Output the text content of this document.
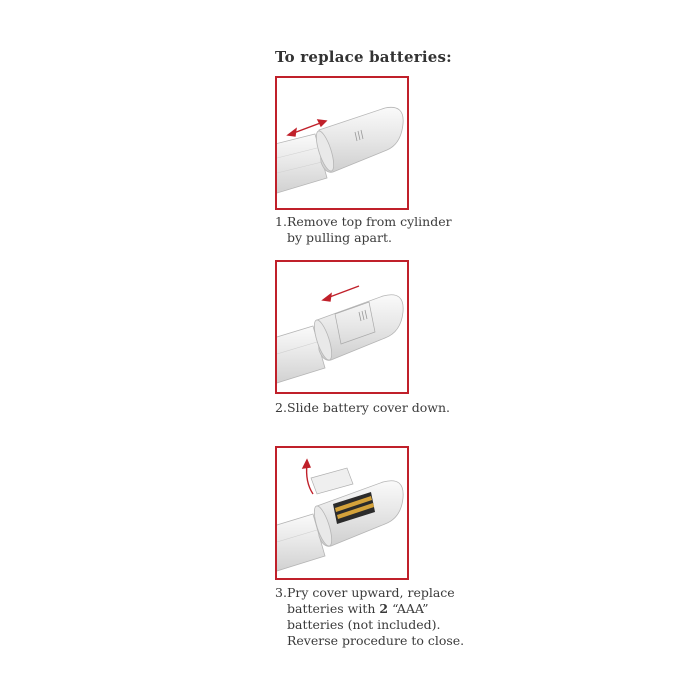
To replace batteries:
1.Remove top from cylinder
by pulling apart.
2.Slide battery cover down.
3.Pry cover upward, replace
batteries with 2 “AAA”
batteries (not included).
Reverse procedure to close.
